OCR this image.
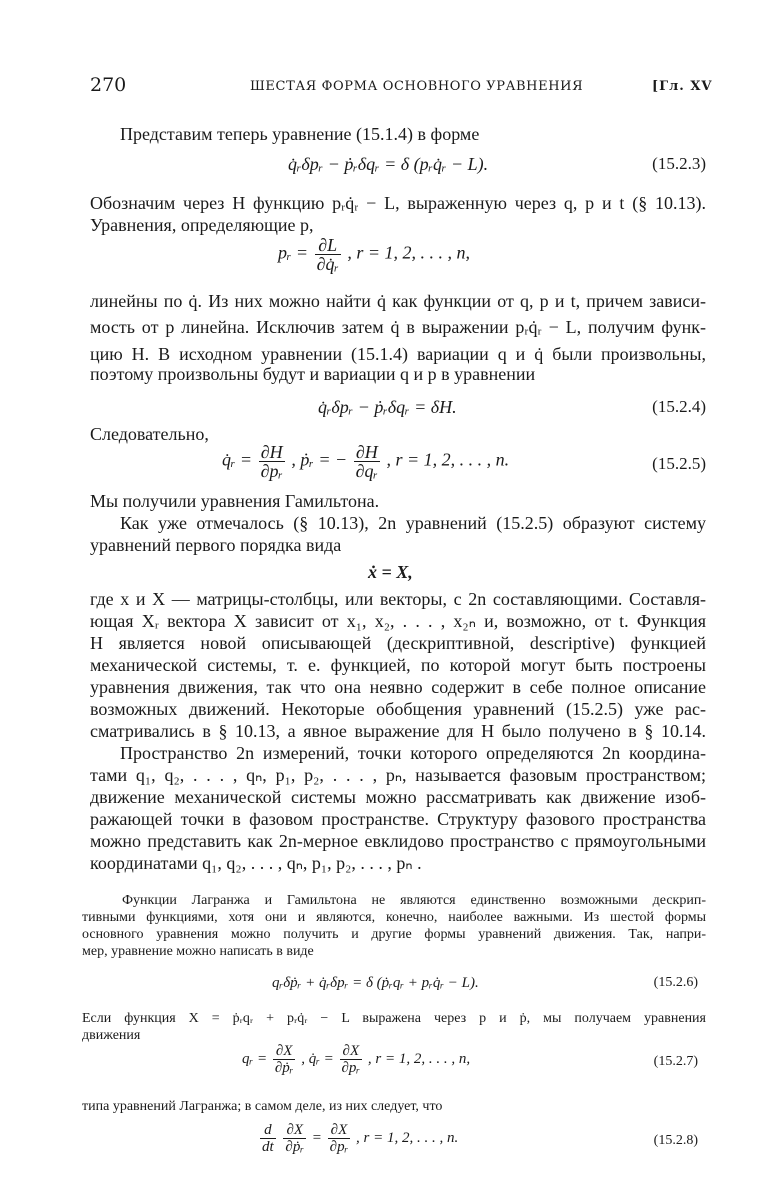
270	ШЕСТАЯ ФОРМА ОСНОВНОГО УРАВНЕНИЯ	[Гл. XV
Представим теперь уравнение (15.1.4) в форме
q̇ᵣδpᵣ − ṗᵣδqᵣ = δ (pᵣq̇ᵣ − L).	(15.2.3)
Обозначим через H функцию pᵣq̇ᵣ − L, выраженную через q, p и t (§ 10.13).
Уравнения, определяющие p,
pᵣ = $\frac{\partial L}{\text{∂q̇ᵣ}}$ , r = 1, 2, . . . , n,
линейны по q̇. Из них можно найти q̇ как функции от q, p и t, причем зависи-
мость от p линейна. Исключив затем q̇ в выражении pᵣq̇ᵣ − L, получим функ-
цию H. В исходном уравнении (15.1.4) вариации q и q̇ были произвольны,
поэтому произвольны будут и вариации q и p в уравнении
q̇ᵣδpᵣ − ṗᵣδqᵣ = δH.	(15.2.4)
Следовательно,
q̇ᵣ = $\frac{\partial H}{\text{∂pᵣ}}$ , ṗᵣ = − $\frac{\partial H}{\text{∂qᵣ}}$ , r = 1, 2, . . . , n.	(15.2.5)
Мы получили уравнения Гамильтона.
Как уже отмечалось (§ 10.13), 2n уравнений (15.2.5) образуют систему
уравнений первого порядка вида
ẋ = X,
где x и X — матрицы-столбцы, или векторы, с 2n составляющими. Составля-
ющая Xᵣ вектора X зависит от x₁, x₂, . . . , x₂ₙ и, возможно, от t. Функция
H является новой описывающей (дескриптивной, descriptive) функцией
механической системы, т. е. функцией, по которой могут быть построены
уравнения движения, так что она неявно содержит в себе полное описание
возможных движений. Некоторые обобщения уравнений (15.2.5) уже рас-
сматривались в § 10.13, а явное выражение для H было получено в § 10.14.
Пространство 2n измерений, точки которого определяются 2n координа-
тами q₁, q₂, . . . , qₙ, p₁, p₂, . . . , pₙ, называется фазовым пространством;
движение механической системы можно рассматривать как движение изоб-
ражающей точки в фазовом пространстве. Структуру фазового пространства
можно представить как 2n-мерное евклидово пространство с прямоугольными
координатами q₁, q₂, . . . , qₙ, p₁, p₂, . . . , pₙ .
Функции Лагранжа и Гамильтона не являются единственно возможными дескрип-
тивными функциями, хотя они и являются, конечно, наиболее важными. Из шестой формы
основного уравнения можно получить и другие формы уравнений движения. Так, напри-
мер, уравнение можно написать в виде
qᵣδṗᵣ + q̇ᵣδpᵣ = δ (ṗᵣqᵣ + pᵣq̇ᵣ − L).	(15.2.6)
Если функция X = ṗᵣqᵣ + pᵣq̇ᵣ − L выражена через p и ṗ, мы получаем уравнения
движения
qᵣ = $\frac{\partial X}{\text{∂ṗᵣ}}$ , q̇ᵣ = $\frac{\partial X}{\text{∂pᵣ}}$ , r = 1, 2, . . . , n,	(15.2.7)
типа уравнений Лагранжа; в самом деле, из них следует, что
$\frac{d}{dt}$
$\frac{\partial X}{\text{∂ṗᵣ}} = \frac{\partial X}{\text{∂pᵣ}}$ , r = 1, 2, . . . , n.	(15.2.8)
